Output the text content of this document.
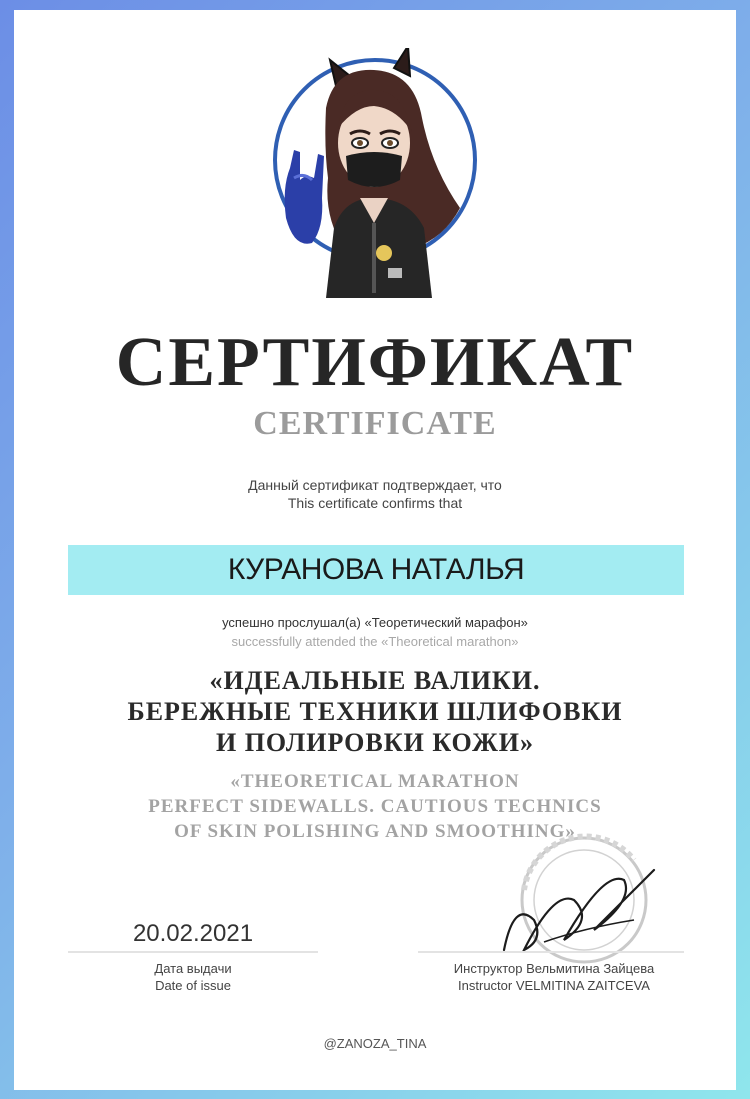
СЕРТИФИКАТ
CERTIFICATE
Данный сертификат подтверждает, что
This certificate confirms that
КУРАНОВА НАТАЛЬЯ
успешно прослушал(а) «Теоретический марафон»
successfully attended the «Theoretical marathon»
«ИДЕАЛЬНЫЕ ВАЛИКИ.
БЕРЕЖНЫЕ ТЕХНИКИ ШЛИФОВКИ
И ПОЛИРОВКИ КОЖИ»
«THEORETICAL MARATHON
PERFECT SIDEWALLS. CAUTIOUS TECHNICS
OF SKIN POLISHING AND SMOOTHING»
20.02.2021
Дата выдачи
Date of issue
Инструктор Вельмитина Зайцева
Instructor VELMITINA ZAITCEVA
@ZANOZA_TINA
